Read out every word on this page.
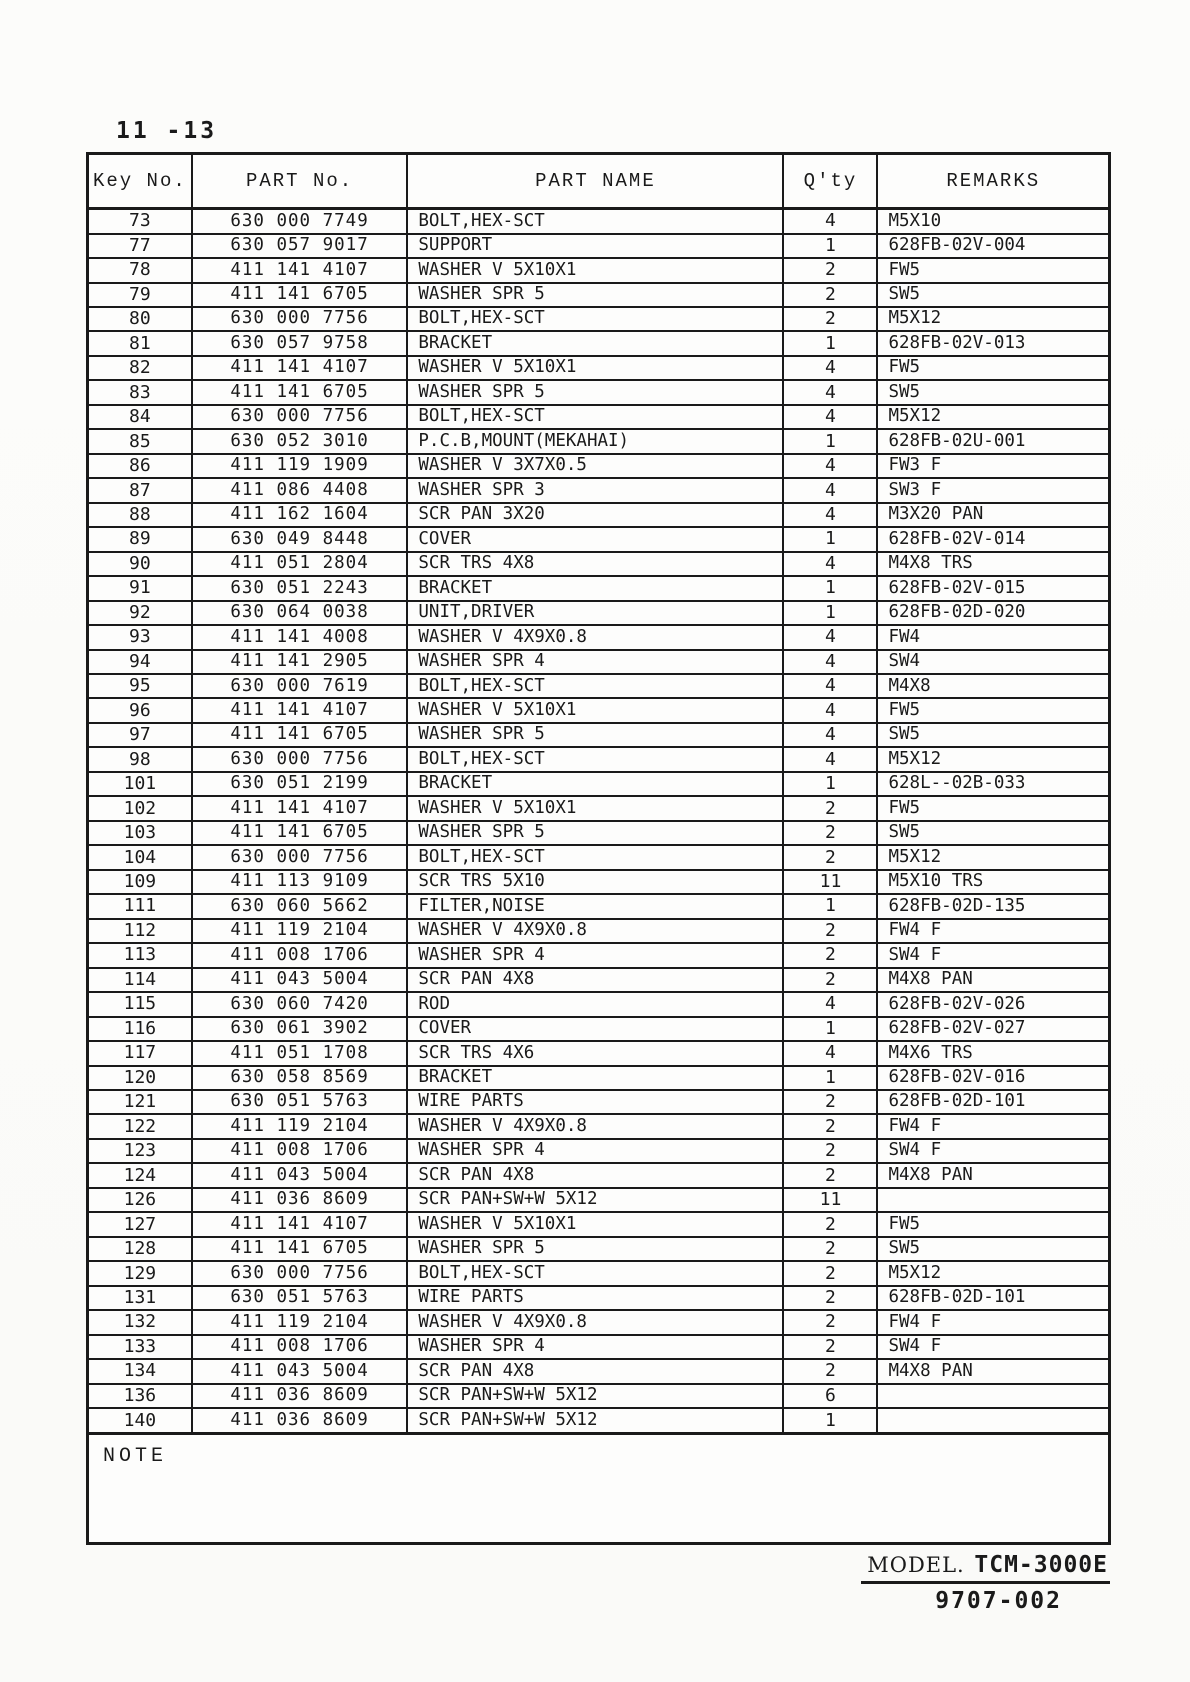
11 -13
Key No.	PART No.	PART NAME	Q'ty	REMARKS
73	630 000 7749	BOLT,HEX-SCT	4	M5X10
77	630 057 9017	SUPPORT	1	628FB-02V-004
78	411 141 4107	WASHER V 5X10X1	2	FW5
79	411 141 6705	WASHER SPR 5	2	SW5
80	630 000 7756	BOLT,HEX-SCT	2	M5X12
81	630 057 9758	BRACKET	1	628FB-02V-013
82	411 141 4107	WASHER V 5X10X1	4	FW5
83	411 141 6705	WASHER SPR 5	4	SW5
84	630 000 7756	BOLT,HEX-SCT	4	M5X12
85	630 052 3010	P.C.B,MOUNT(MEKAHAI)	1	628FB-02U-001
86	411 119 1909	WASHER V 3X7X0.5	4	FW3 F
87	411 086 4408	WASHER SPR 3	4	SW3 F
88	411 162 1604	SCR PAN 3X20	4	M3X20 PAN
89	630 049 8448	COVER	1	628FB-02V-014
90	411 051 2804	SCR TRS 4X8	4	M4X8 TRS
91	630 051 2243	BRACKET	1	628FB-02V-015
92	630 064 0038	UNIT,DRIVER	1	628FB-02D-020
93	411 141 4008	WASHER V 4X9X0.8	4	FW4
94	411 141 2905	WASHER SPR 4	4	SW4
95	630 000 7619	BOLT,HEX-SCT	4	M4X8
96	411 141 4107	WASHER V 5X10X1	4	FW5
97	411 141 6705	WASHER SPR 5	4	SW5
98	630 000 7756	BOLT,HEX-SCT	4	M5X12
101	630 051 2199	BRACKET	1	628L--02B-033
102	411 141 4107	WASHER V 5X10X1	2	FW5
103	411 141 6705	WASHER SPR 5	2	SW5
104	630 000 7756	BOLT,HEX-SCT	2	M5X12
109	411 113 9109	SCR TRS 5X10	11	M5X10 TRS
111	630 060 5662	FILTER,NOISE	1	628FB-02D-135
112	411 119 2104	WASHER V 4X9X0.8	2	FW4 F
113	411 008 1706	WASHER SPR 4	2	SW4 F
114	411 043 5004	SCR PAN 4X8	2	M4X8 PAN
115	630 060 7420	ROD	4	628FB-02V-026
116	630 061 3902	COVER	1	628FB-02V-027
117	411 051 1708	SCR TRS 4X6	4	M4X6 TRS
120	630 058 8569	BRACKET	1	628FB-02V-016
121	630 051 5763	WIRE PARTS	2	628FB-02D-101
122	411 119 2104	WASHER V 4X9X0.8	2	FW4 F
123	411 008 1706	WASHER SPR 4	2	SW4 F
124	411 043 5004	SCR PAN 4X8	2	M4X8 PAN
126	411 036 8609	SCR PAN+SW+W 5X12	11	
127	411 141 4107	WASHER V 5X10X1	2	FW5
128	411 141 6705	WASHER SPR 5	2	SW5
129	630 000 7756	BOLT,HEX-SCT	2	M5X12
131	630 051 5763	WIRE PARTS	2	628FB-02D-101
132	411 119 2104	WASHER V 4X9X0.8	2	FW4 F
133	411 008 1706	WASHER SPR 4	2	SW4 F
134	411 043 5004	SCR PAN 4X8	2	M4X8 PAN
136	411 036 8609	SCR PAN+SW+W 5X12	6	
140	411 036 8609	SCR PAN+SW+W 5X12	1	
NOTE
MODEL. TCM-3000E
9707-002
